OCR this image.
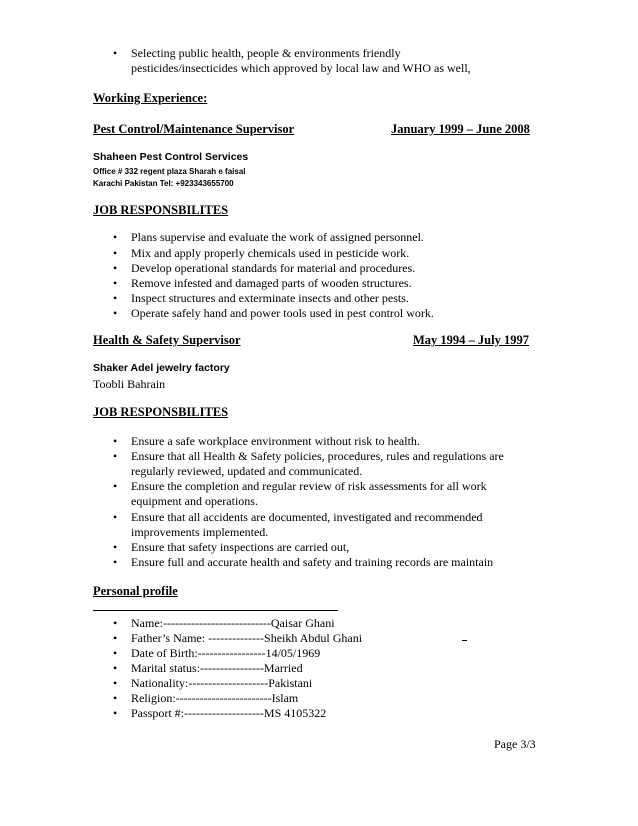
• Selecting public health, people & environments friendly
pesticides/insecticides which approved by local law and WHO as well,
Working Experience:
Pest Control/Maintenance Supervisor	January 1999 – June 2008
Shaheen Pest Control Services
Office # 332 regent plaza Sharah e faisal
Karachi Pakistan Tel: +923343655700
JOB RESPONSBILITES
• Plans supervise and evaluate the work of assigned personnel.
• Mix and apply properly chemicals used in pesticide work.
• Develop operational standards for material and procedures.
• Remove infested and damaged parts of wooden structures.
• Inspect structures and exterminate insects and other pests.
• Operate safely hand and power tools used in pest control work.
Health & Safety Supervisor	May 1994 – July 1997
Shaker Adel jewelry factory
Toobli Bahrain
JOB RESPONSBILITES
• Ensure a safe workplace environment without risk to health.
• Ensure that all Health & Safety policies, procedures, rules and regulations are
• Ensure the completion and regular review of risk assessments for all work
• Ensure that all accidents are documented, investigated and recommended
• Ensure that safety inspections are carried out,
• Ensure full and accurate health and safety and training records are maintain
regularly reviewed, updated and communicated.
equipment and operations.
improvements implemented.
Personal profile
• Name:---------------------------Qaisar Ghani
• Father’s Name: --------------Sheikh Abdul Ghani
• Date of Birth:-----------------14/05/1969
• Marital status:----------------Married
• Nationality:--------------------Pakistani
• Religion:------------------------Islam
• Passport #:--------------------MS 4105322
Page 3/3
